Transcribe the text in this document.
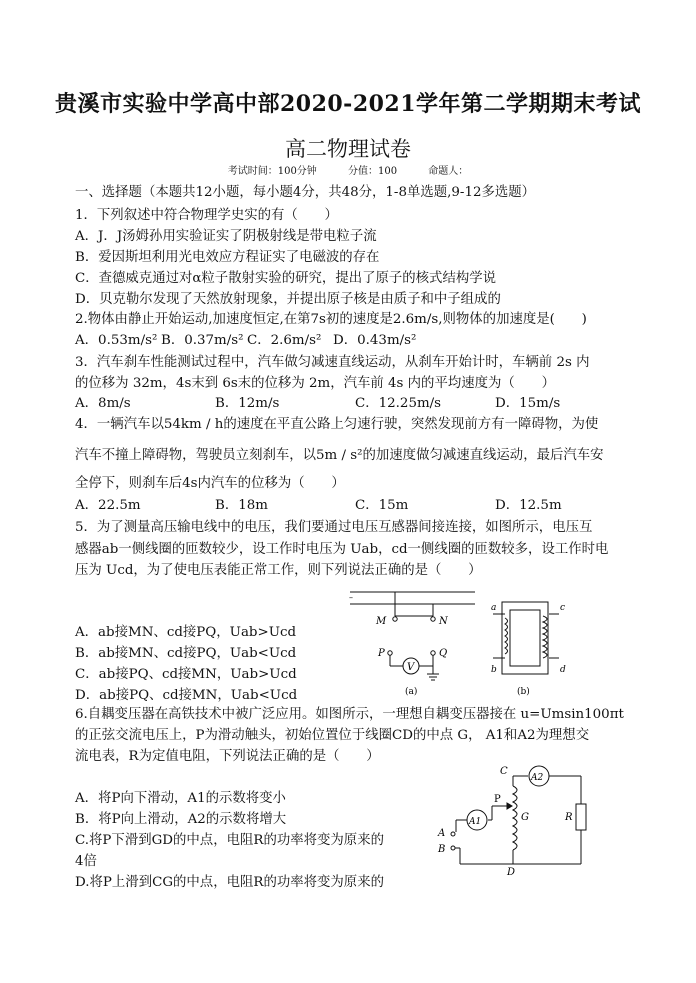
贵溪市实验中学高中部2020-2021学年第二学期期末考试
高二物理试卷
考试时间：100分钟	分值：100	命题人：
一、选择题（本题共12小题，每小题4分，共48分，1-8单选题,9-12多选题）
1．下列叙述中符合物理学史实的有（　　）
A．J．J汤姆孙用实验证实了阴极射线是带电粒子流
B．爱因斯坦利用光电效应方程证实了电磁波的存在
C．查德威克通过对α粒子散射实验的研究，提出了原子的核式结构学说
D．贝克勒尔发现了天然放射现象，并提出原子核是由质子和中子组成的
2.物体由静止开始运动,加速度恒定,在第7s初的速度是2.6m/s,则物体的加速度是(　　)
A．0.53m/s² B．0.37m/s² C．2.6m/s² D．0.43m/s²
3．汽车刹车性能测试过程中，汽车做匀减速直线运动，从刹车开始计时，车辆前 2s 内
的位移为 32m，4s末到 6s末的位移为 2m，汽车前 4s 内的平均速度为（　　）
A．8m/s	B．12m/s	C．12.25m/s	D．15m/s
4．一辆汽车以54km / h的速度在平直公路上匀速行驶，突然发现前方有一障碍物，为使
汽车不撞上障碍物，驾驶员立刻刹车，以5m / s²的加速度做匀减速直线运动，最后汽车安
全停下，则刹车后4s内汽车的位移为（　　）
A．22.5m	B．18m	C．15m	D．12.5m
5．为了测量高压输电线中的电压，我们要通过电压互感器间接连接，如图所示，电压互
感器ab一侧线圈的匝数较少，设工作时电压为 Uab，cd一侧线圈的匝数较多，设工作时电
压为 Ucd，为了使电压表能正常工作，则下列说法正确的是（　　）
A．ab接MN、cd接PQ，Uab>Ucd
B．ab接MN、cd接PQ，Uab<Ucd
C．ab接PQ、cd接MN，Uab>Ucd
D．ab接PQ、cd接MN，Uab<Ucd
–
M	N
P	Q
V
(a)	(b)
a
b
c
d
6.自耦变压器在高铁技术中被广泛应用。如图所示，一理想自耦变压器接在 u=Umsin100πt
的正弦交流电压上，P为滑动触头，初始位置位于线圈CD的中点 G， A1和A2为理想交
流电表，R为定值电阻，下列说法正确的是（　　）
A．将P向下滑动，A1的示数将变小
B．将P向上滑动，A2的示数将增大
C.将P下滑到GD的中点，电阻R的功率将变为原来的
4倍
D.将P上滑到CG的中点，电阻R的功率将变为原来的
C
A2
P
G	R
A1
A
B
D
